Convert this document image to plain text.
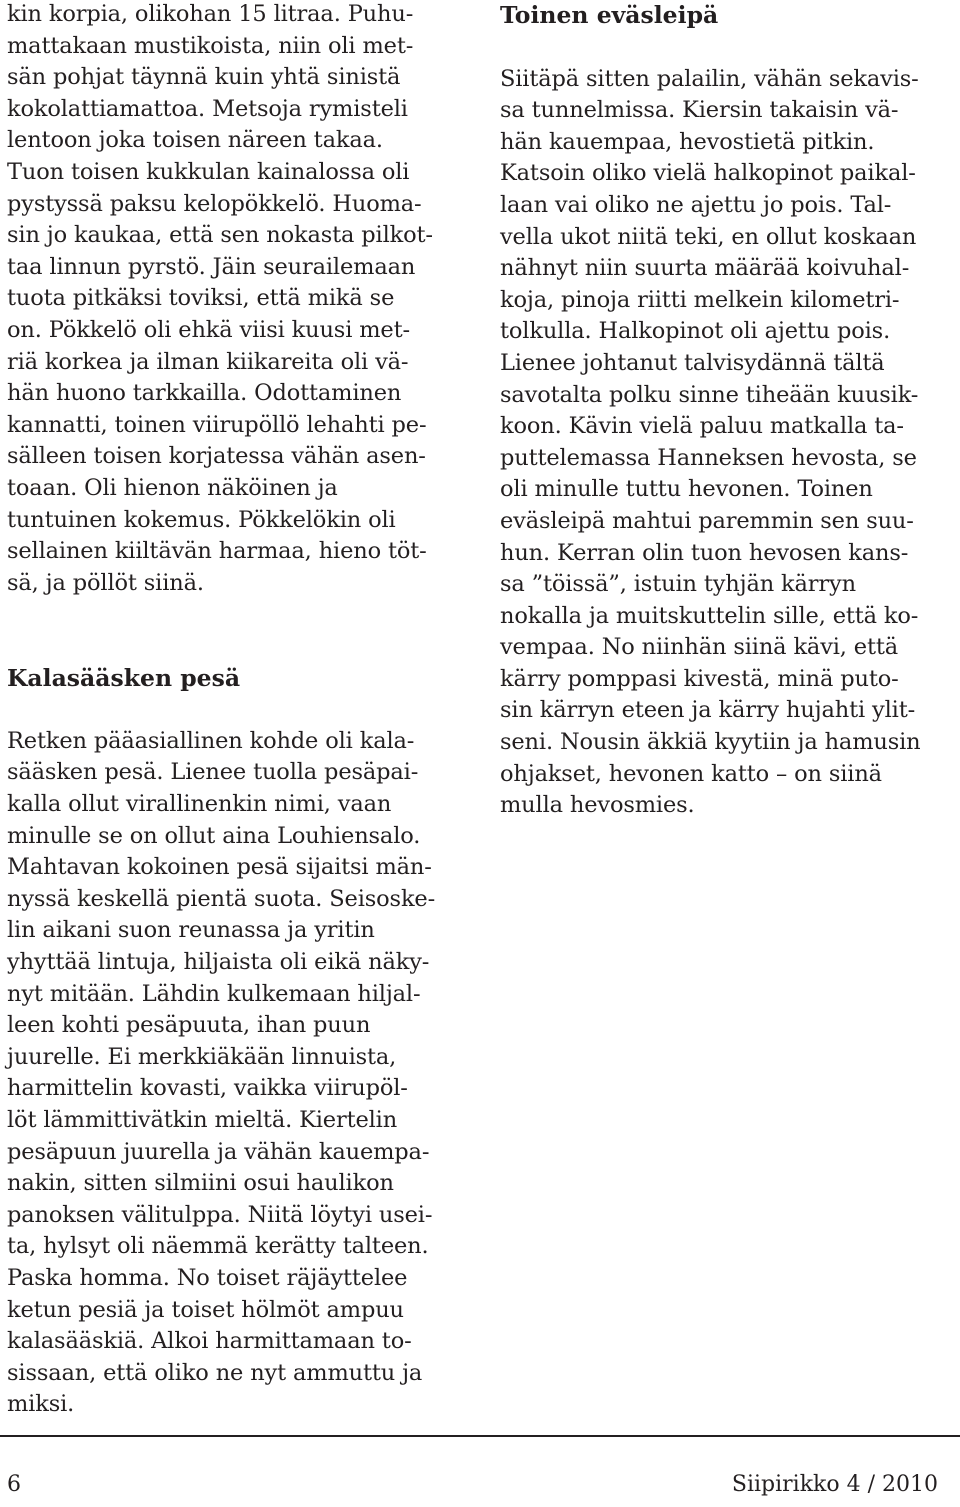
kin korpia, olikohan 15 litraa. Puhu-
mattakaan mustikoista, niin oli met-
sän pohjat täynnä kuin yhtä sinistä
kokolattiamattoa. Metsoja rymisteli
lentoon joka toisen näreen takaa.
Tuon toisen kukkulan kainalossa oli
pystyssä paksu kelopökkelö. Huoma-
sin jo kaukaa, että sen nokasta pilkot-
taa linnun pyrstö. Jäin seurailemaan
tuota pitkäksi toviksi, että mikä se
on. Pökkelö oli ehkä viisi kuusi met-
riä korkea ja ilman kiikareita oli vä-
hän huono tarkkailla. Odottaminen
kannatti, toinen viirupöllö lehahti pe-
sälleen toisen korjatessa vähän asen-
toaan. Oli hienon näköinen ja
tuntuinen kokemus. Pökkelökin oli
sellainen kiiltävän harmaa, hieno töt-
sä, ja pöllöt siinä.
Kalasääsken pesä
Retken pääasiallinen kohde oli kala-
sääsken pesä. Lienee tuolla pesäpai-
kalla ollut virallinenkin nimi, vaan
minulle se on ollut aina Louhiensalo.
Mahtavan kokoinen pesä sijaitsi män-
nyssä keskellä pientä suota. Seisoske-
lin aikani suon reunassa ja yritin
yhyttää lintuja, hiljaista oli eikä näky-
nyt mitään. Lähdin kulkemaan hiljal-
leen kohti pesäpuuta, ihan puun
juurelle. Ei merkkiäkään linnuista,
harmittelin kovasti, vaikka viirupöl-
löt lämmittivätkin mieltä. Kiertelin
pesäpuun juurella ja vähän kauempa-
nakin, sitten silmiini osui haulikon
panoksen välitulppa. Niitä löytyi usei-
ta, hylsyt oli näemmä kerätty talteen.
Paska homma. No toiset räjäyttelee
ketun pesiä ja toiset hölmöt ampuu
kalasääskiä. Alkoi harmittamaan to-
sissaan, että oliko ne nyt ammuttu ja
miksi.
Toinen eväsleipä
Siitäpä sitten palailin, vähän sekavis-
sa tunnelmissa. Kiersin takaisin vä-
hän kauempaa, hevostietä pitkin.
Katsoin oliko vielä halkopinot paikal-
laan vai oliko ne ajettu jo pois. Tal-
vella ukot niitä teki, en ollut koskaan
nähnyt niin suurta määrää koivuhal-
koja, pinoja riitti melkein kilometri-
tolkulla. Halkopinot oli ajettu pois.
Lienee johtanut talvisydännä tältä
savotalta polku sinne tiheään kuusik-
koon. Kävin vielä paluu matkalla ta-
puttelemassa Hanneksen hevosta, se
oli minulle tuttu hevonen. Toinen
eväsleipä mahtui paremmin sen suu-
hun. Kerran olin tuon hevosen kans-
sa ”töissä”, istuin tyhjän kärryn
nokalla ja muitskuttelin sille, että ko-
vempaa. No niinhän siinä kävi, että
kärry pomppasi kivestä, minä puto-
sin kärryn eteen ja kärry hujahti ylit-
seni. Nousin äkkiä kyytiin ja hamusin
ohjakset, hevonen katto – on siinä
mulla hevosmies.
6	Siipirikko 4 / 2010
